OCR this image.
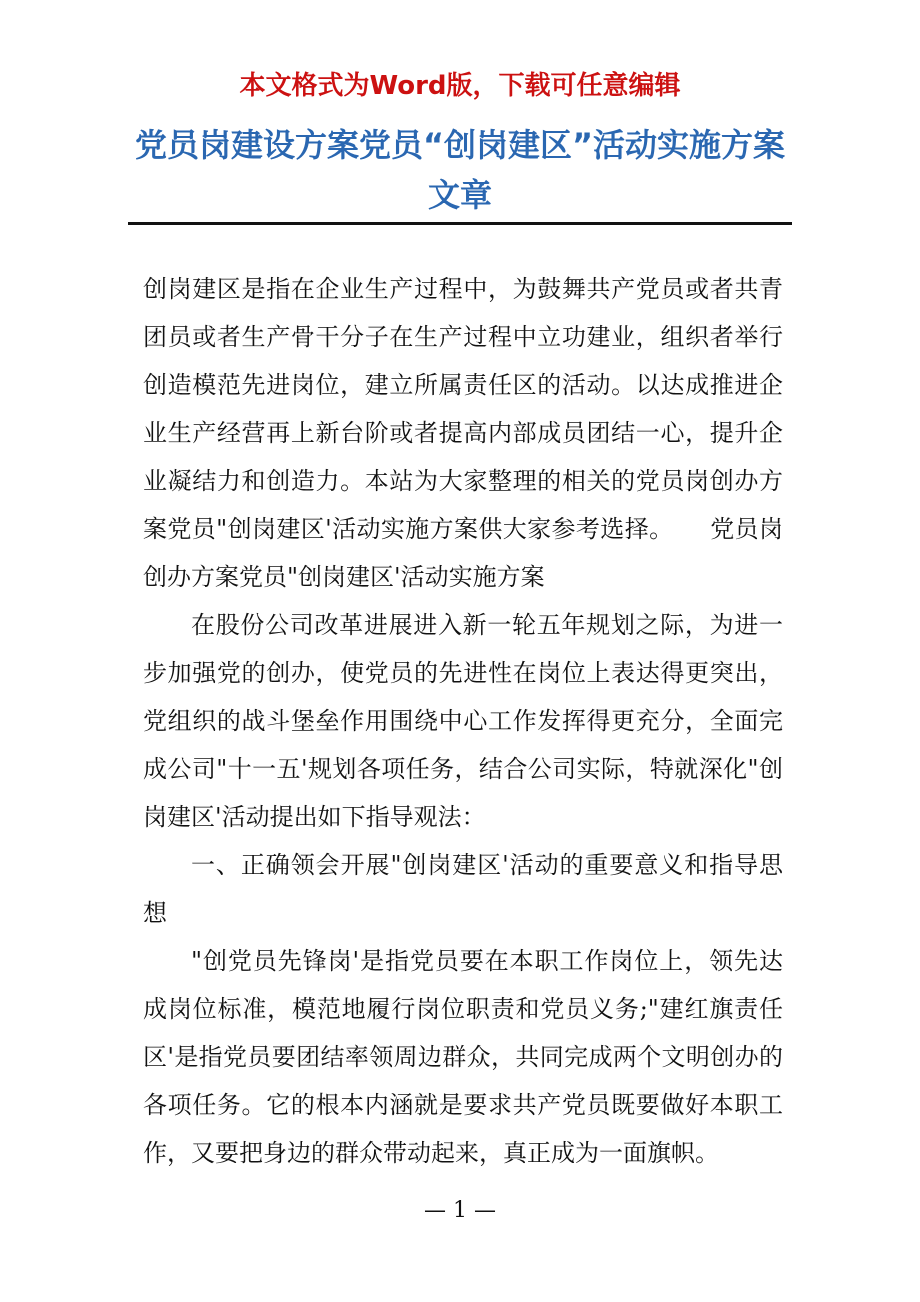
本文格式为Word版，下载可任意编辑
党员岗建设方案党员“创岗建区”活动实施方案文章

创岗建区是指在企业生产过程中，为鼓舞共产党员或者共青团员或者生产骨干分子在生产过程中立功建业，组织者举行创造模范先进岗位，建立所属责任区的活动。以达成推进企业生产经营再上新台阶或者提高内部成员团结一心，提升企业凝结力和创造力。本站为大家整理的相关的党员岗创办方案党员"创岗建区'活动实施方案供大家参考选择。　　党员岗创办方案党员"创岗建区'活动实施方案

在股份公司改革进展进入新一轮五年规划之际，为进一步加强党的创办，使党员的先进性在岗位上表达得更突出，党组织的战斗堡垒作用围绕中心工作发挥得更充分，全面完成公司"十一五'规划各项任务，结合公司实际，特就深化"创岗建区'活动提出如下指导观法：

一、正确领会开展"创岗建区'活动的重要意义和指导思想

"创党员先锋岗'是指党员要在本职工作岗位上，领先达成岗位标准，模范地履行岗位职责和党员义务;"建红旗责任区'是指党员要团结率领周边群众，共同完成两个文明创办的各项任务。它的根本内涵就是要求共产党员既要做好本职工作，又要把身边的群众带动起来，真正成为一面旗帜。

— 1 —
